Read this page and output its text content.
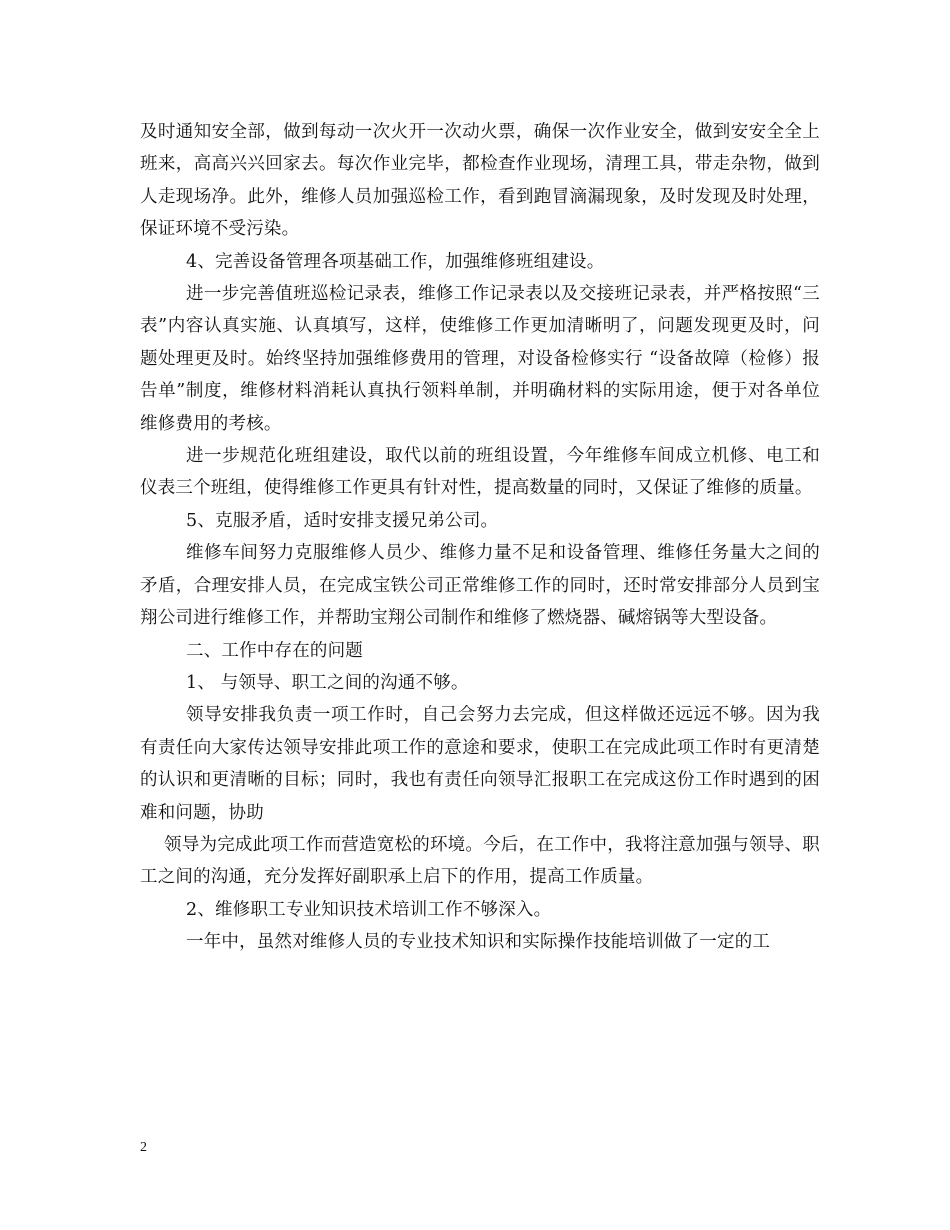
及时通知安全部，做到每动一次火开一次动火票，确保一次作业安全，做到安安全全上班来，高高兴兴回家去。每次作业完毕，都检查作业现场，清理工具，带走杂物，做到人走现场净。此外，维修人员加强巡检工作，看到跑冒滴漏现象，及时发现及时处理，保证环境不受污染。

4、完善设备管理各项基础工作，加强维修班组建设。

进一步完善值班巡检记录表，维修工作记录表以及交接班记录表，并严格按照“三表”内容认真实施、认真填写，这样，使维修工作更加清晰明了，问题发现更及时，问题处理更及时。始终坚持加强维修费用的管理，对设备检修实行 “设备故障（检修）报告单”制度，维修材料消耗认真执行领料单制，并明确材料的实际用途，便于对各单位维修费用的考核。

进一步规范化班组建设，取代以前的班组设置，今年维修车间成立机修、电工和仪表三个班组，使得维修工作更具有针对性，提高数量的同时，又保证了维修的质量。

5、克服矛盾，适时安排支援兄弟公司。

维修车间努力克服维修人员少、维修力量不足和设备管理、维修任务量大之间的矛盾，合理安排人员，在完成宝铁公司正常维修工作的同时，还时常安排部分人员到宝翔公司进行维修工作，并帮助宝翔公司制作和维修了燃烧器、碱熔锅等大型设备。

二、工作中存在的问题

1、 与领导、职工之间的沟通不够。

领导安排我负责一项工作时，自己会努力去完成，但这样做还远远不够。因为我有责任向大家传达领导安排此项工作的意途和要求，使职工在完成此项工作时有更清楚的认识和更清晰的目标；同时，我也有责任向领导汇报职工在完成这份工作时遇到的困难和问题，协助

领导为完成此项工作而营造宽松的环境。今后，在工作中，我将注意加强与领导、职工之间的沟通，充分发挥好副职承上启下的作用，提高工作质量。

2、维修职工专业知识技术培训工作不够深入。

一年中，虽然对维修人员的专业技术知识和实际操作技能培训做了一定的工

2
